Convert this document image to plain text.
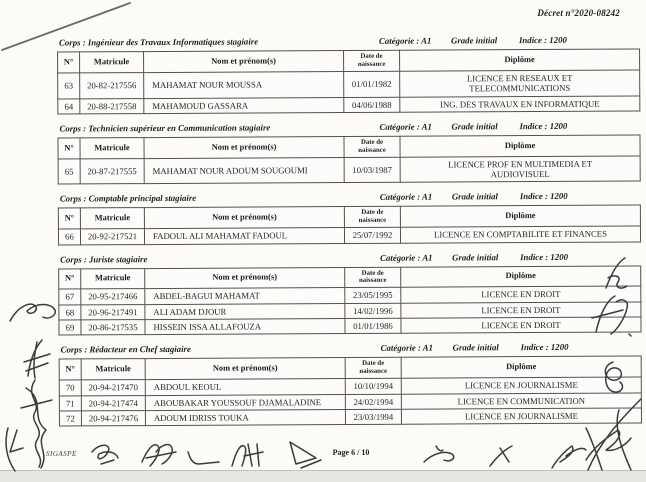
Décret n°2020-08242
Corps : Ingénieur des Travaux Informatiques stagiaire	Catégorie : A1	Grade initial	Indice : 1200
N°	Matricule	Nom et prénom(s)	Date de naissance	Diplôme
63	20-82-217556	MAHAMAT NOUR MOUSSA	01/01/1982	LICENCE EN RESEAUX ET
TELECOMMUNICATIONS
64	20-88-217558	MAHAMOUD GASSARA	04/06/1988	ING. DES TRAVAUX EN INFORMATIQUE
Corps : Technicien supérieur en Communication stagiaire	Catégorie : A1	Grade initial	Indice : 1200
N°	Matricule	Nom et prénom(s)	Date de naissance	Diplôme
65	20-87-217555	MAHAMAT NOUR ADOUM SOUGOUMI	10/03/1987	LICENCE PROF EN MULTIMEDIA ET
AUDIOVISUEL
Corps : Comptable principal stagiaire	Catégorie : A1	Grade initial	Indice : 1200
N°	Matricule	Nom et prénom(s)	Date de naissance	Diplôme
66	20-92-217521	FADOUL ALI MAHAMAT FADOUL	25/07/1992	LICENCE EN COMPTABILITE ET FINANCES
Corps : Juriste stagiaire	Catégorie : A1	Grade initial	Indice : 1200
N°	Matricule	Nom et prénom(s)	Date de naissance	Diplôme
67	20-95-217466	ABDEL-BAGUI MAHAMAT	23/05/1995	LICENCE EN DROIT
68	20-96-217491	ALI ADAM DJOUR	14/02/1996	LICENCE EN DROIT
69	20-86-217535	HISSEIN ISSA ALLAFOUZA	01/01/1986	LICENCE EN DROIT
Corps : Rédacteur en Chef stagiaire	Catégorie : A1	Grade initial	Indice : 1200
N°	Matricule	Nom et prénom(s)	Date de naissance	Diplôme
70	20-94-217470	ABDOUL KEOUL	10/10/1994	LICENCE EN JOURNALISME
71	20-94-217474	ABOUBAKAR YOUSSOUF DJAMALADINE	24/02/1994	LICENCE EN COMMUNICATION
72	20-94-217476	ADOUM IDRISS TOUKA	23/03/1994	LICENCE EN JOURNALISME
SIGASPE	Page 6 / 10
